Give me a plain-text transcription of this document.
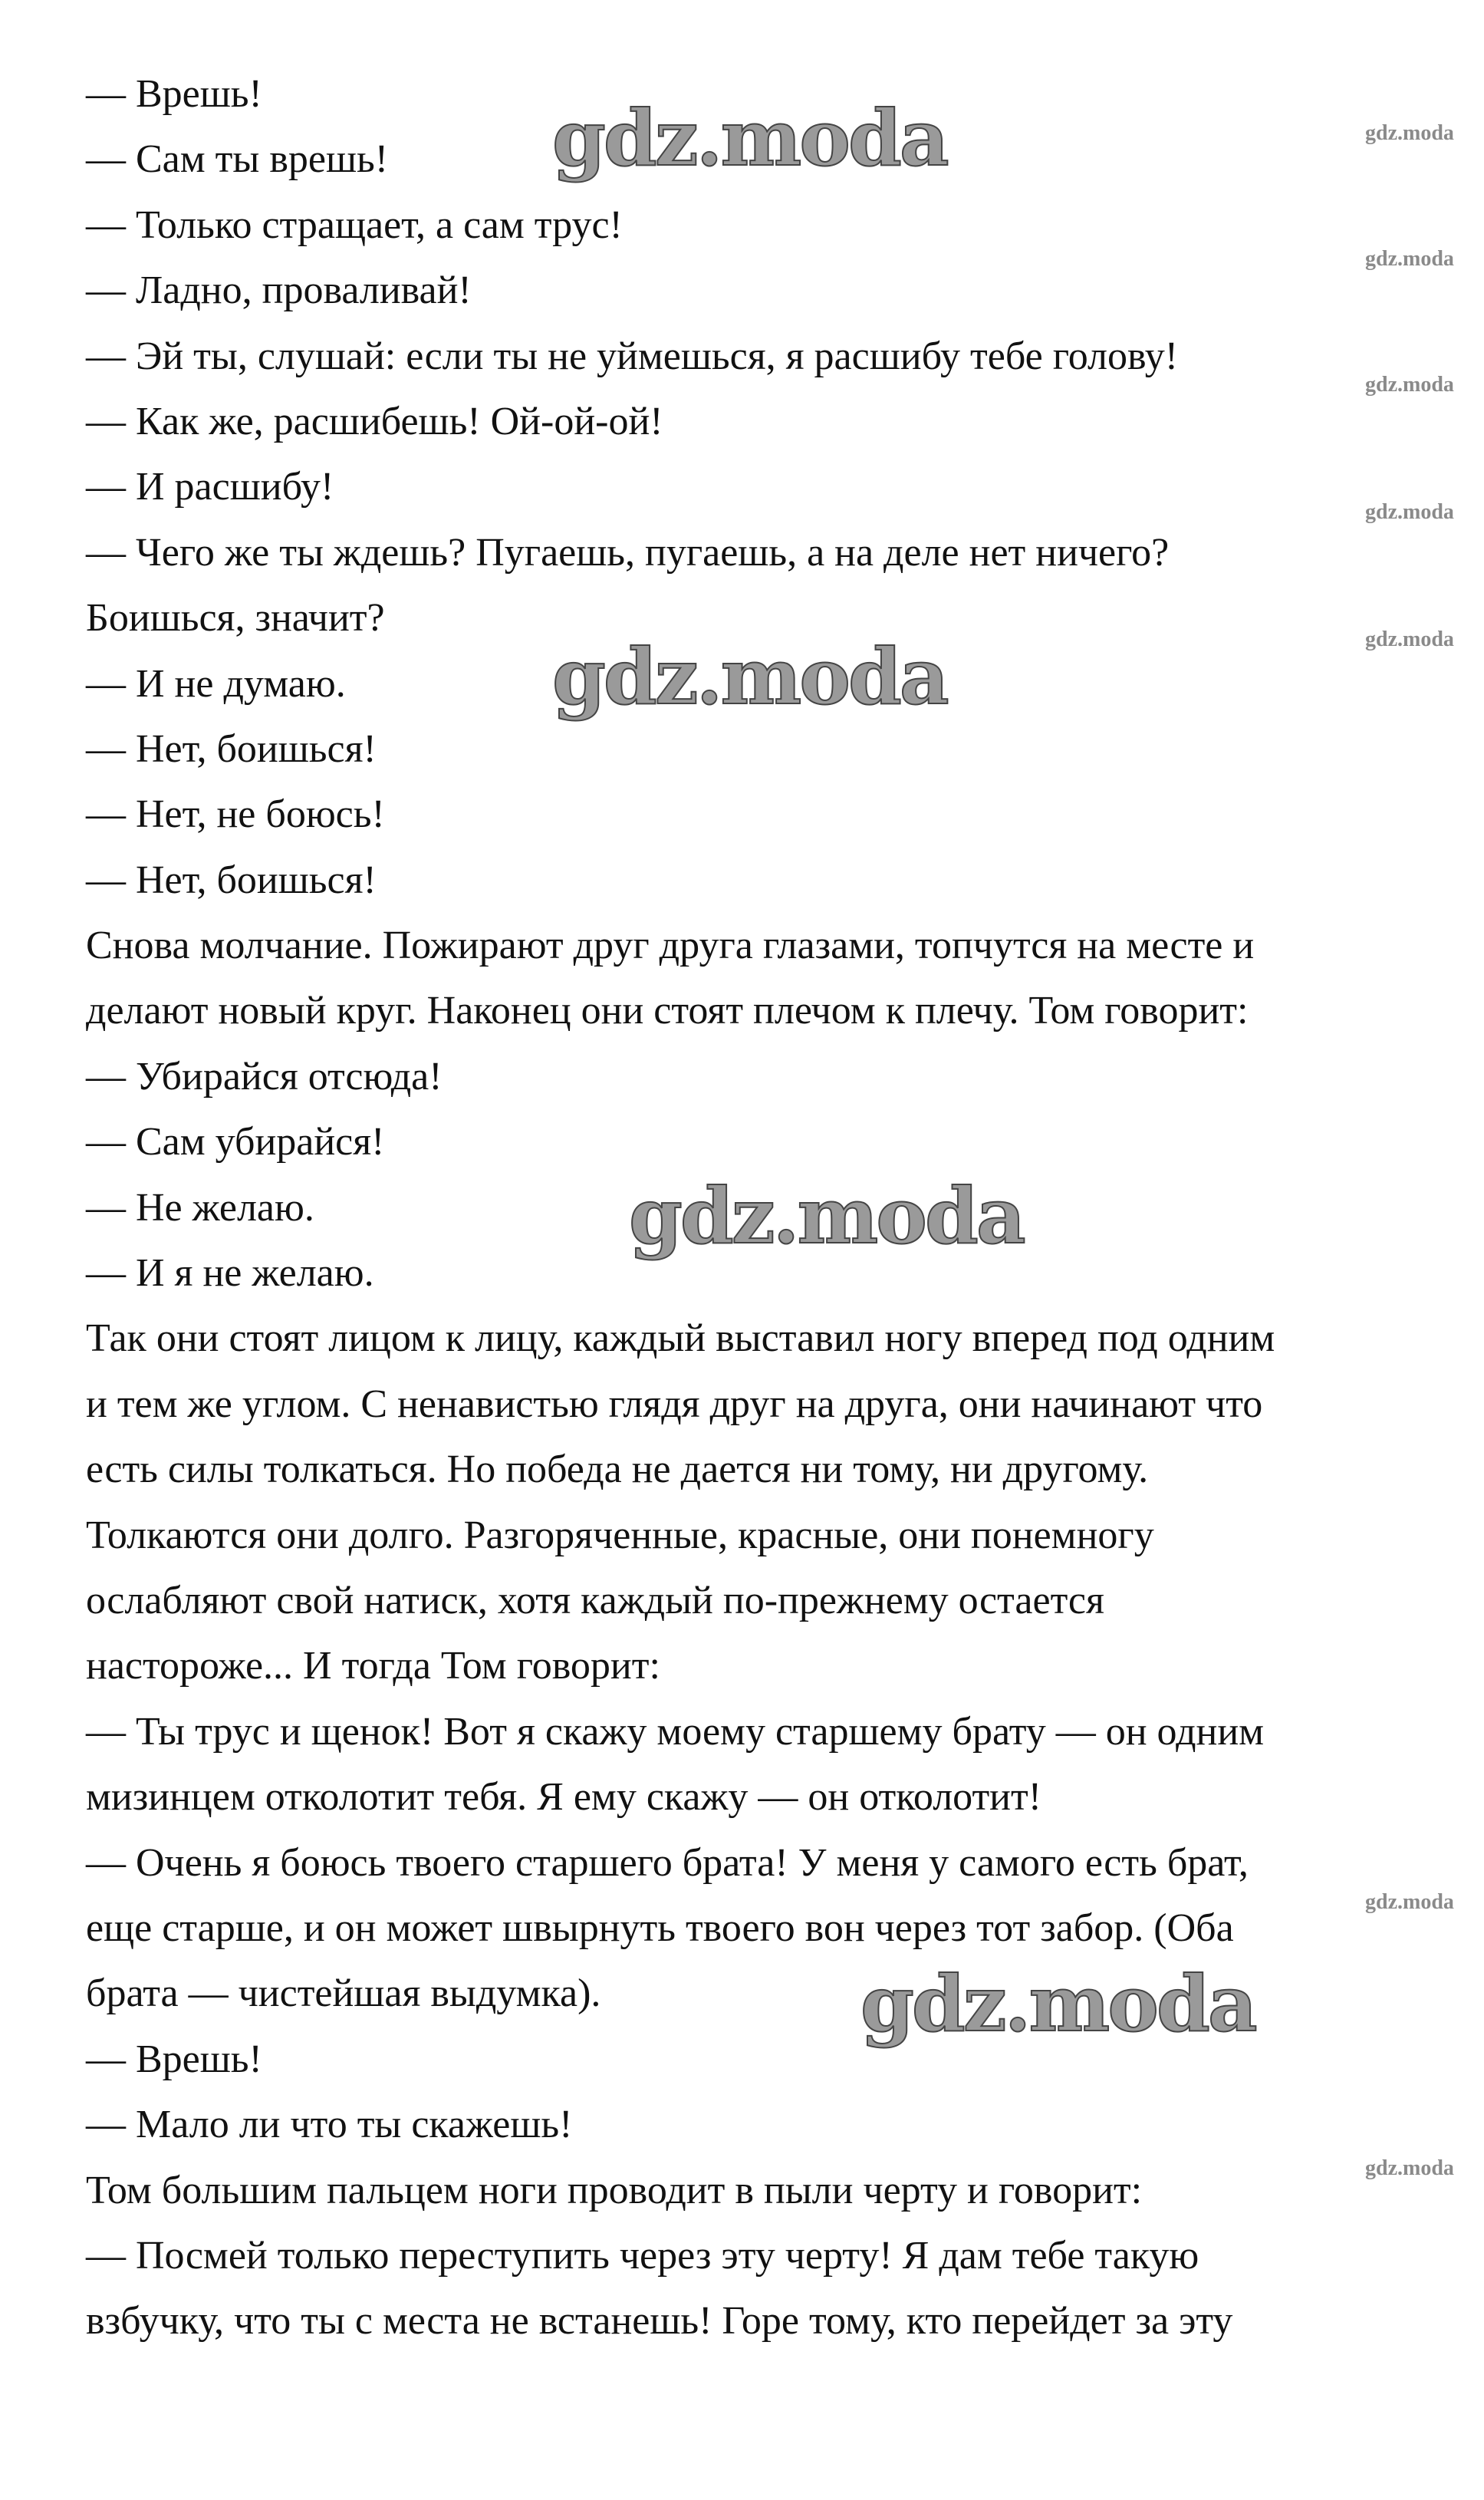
— Врешь!
— Сам ты врешь!
— Только стращает, а сам трус!
— Ладно, проваливай!
— Эй ты, слушай: если ты не уймешься, я расшибу тебе голову!
— Как же, расшибешь! Ой-ой-ой!
— И расшибу!
— Чего же ты ждешь? Пугаешь, пугаешь, а на деле нет ничего?
Боишься, значит?
— И не думаю.
— Нет, боишься!
— Нет, не боюсь!
— Нет, боишься!
Снова молчание. Пожирают друг друга глазами, топчутся на месте и
делают новый круг. Наконец они стоят плечом к плечу. Том говорит:
— Убирайся отсюда!
— Сам убирайся!
— Не желаю.
— И я не желаю.
Так они стоят лицом к лицу, каждый выставил ногу вперед под одним
и тем же углом. С ненавистью глядя друг на друга, они начинают что
есть силы толкаться. Но победа не дается ни тому, ни другому.
Толкаются они долго. Разгоряченные, красные, они понемногу
ослабляют свой натиск, хотя каждый по-прежнему остается
настороже... И тогда Том говорит:
— Ты трус и щенок! Вот я скажу моему старшему брату — он одним
мизинцем отколотит тебя. Я ему скажу — он отколотит!
— Очень я боюсь твоего старшего брата! У меня у самого есть брат,
еще старше, и он может швырнуть твоего вон через тот забор. (Оба
брата — чистейшая выдумка).
— Врешь!
— Мало ли что ты скажешь!
Том большим пальцем ноги проводит в пыли черту и говорит:
— Посмей только переступить через эту черту! Я дам тебе такую
взбучку, что ты с места не встанешь! Горе тому, кто перейдет за эту
gdz.moda
gdz.moda
gdz.moda
gdz.moda
gdz.moda
gdz.moda
gdz.moda
gdz.moda
gdz.moda
gdz.moda
gdz.moda
